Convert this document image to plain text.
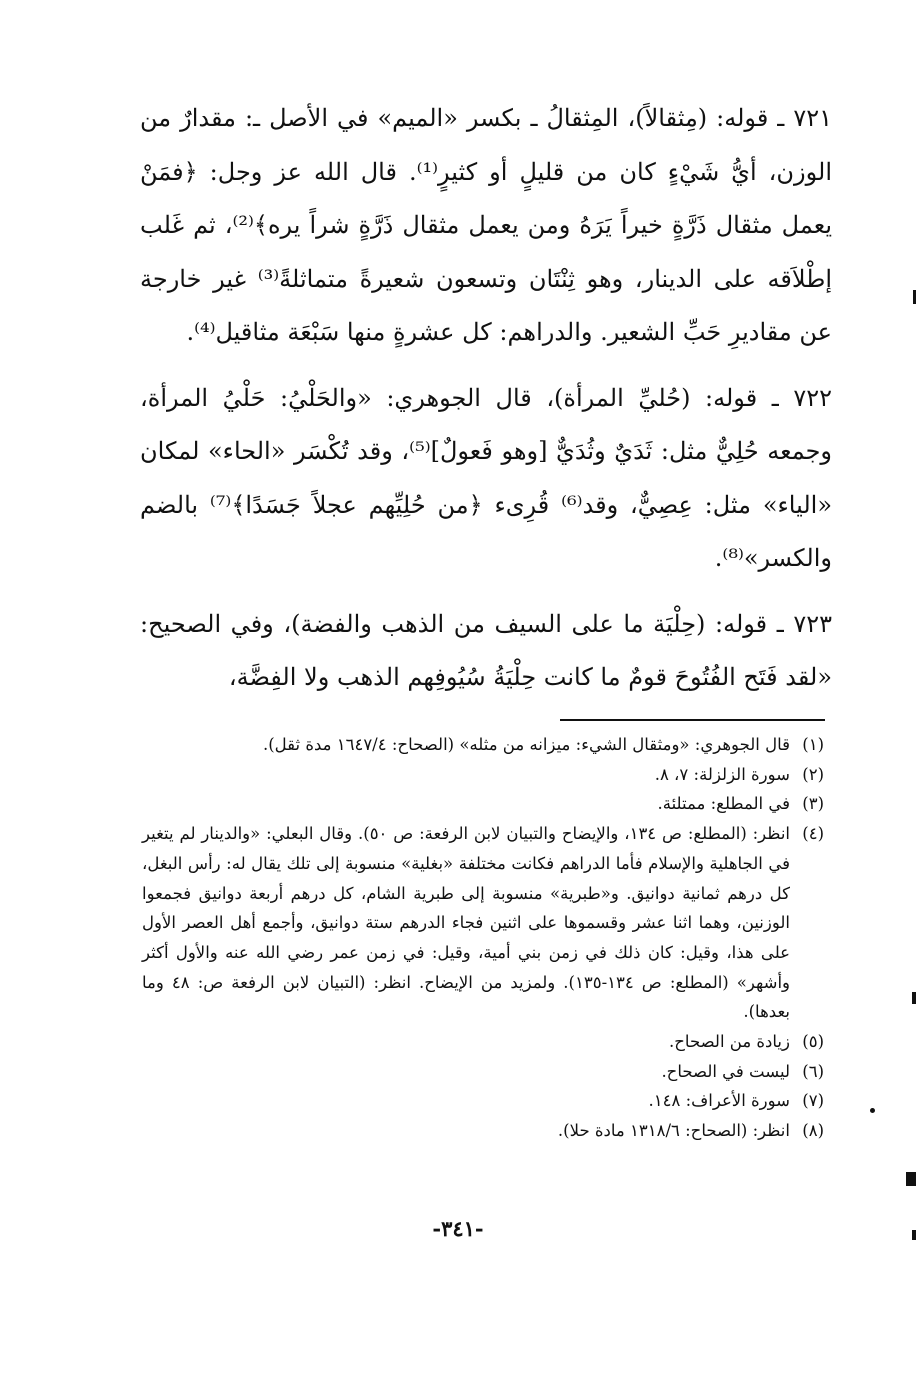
٧٢١ ـ قوله: (مِثقالاً)، المِثقالُ ـ بكسر «الميم» في الأصل ـ: مقدارٌ من الوزن، أيُّ شَيْءٍ كان من قليلٍ أو كثيرٍ⁽¹⁾. قال الله عز وجل: ﴿فمَنْ يعمل مثقال ذَرَّةٍ خيراً يَرَهُ ومن يعمل مثقال ذَرَّةٍ شراً يره﴾⁽²⁾، ثم غَلب إطْلاَقه على الدينار، وهو ثِنْتَان وتسعون شعيرةً متماثلةً⁽³⁾ غير خارجة عن مقاديرِ حَبِّ الشعير. والدراهم: كل عشرةٍ منها سَبْعَة مثاقيل⁽⁴⁾.

٧٢٢ ـ قوله: (حُليِّ المرأة)، قال الجوهري: «والحَلْيُ: حَلْيُ المرأة، وجمعه حُلِيٌّ مثل: ثَدَيٌ وثُدَيٌّ [وهو فَعولٌ]⁽⁵⁾، وقد تُكْسَر «الحاء» لمكان «الياء» مثل: عِصِيٌّ، وقد⁽⁶⁾ قُرِىء ﴿من حُلِيِّهم عجلاً جَسَدًا﴾⁽⁷⁾ بالضم والكسر»⁽⁸⁾.

٧٢٣ ـ قوله: (حِلْيَة ما على السيف من الذهب والفضة)، وفي الصحيح: «لقد فَتَح الفُتُوحَ قومٌ ما كانت حِلْيَةُ سُيُوفِهم الذهب ولا الفِضَّة،

(١)
قال الجوهري: «ومثقال الشيء: ميزانه من مثله» (الصحاح: ١٦٤٧/٤ مدة ثقل).
(٢)
سورة الزلزلة: ٧، ٨.
(٣)
في المطلع: ممتلئة.
(٤)
انظر: (المطلع: ص ١٣٤، والإيضاح والتبيان لابن الرفعة: ص ٥٠). وقال البعلي: «والدينار لم يتغير في الجاهلية والإسلام فأما الدراهم فكانت مختلفة «بغلية» منسوبة إلى تلك يقال له: رأس البغل، كل درهم ثمانية دوانيق. و«طبرية» منسوبة إلى طبرية الشام، كل درهم أربعة دوانيق فجمعوا الوزنين، وهما اثنا عشر وقسموها على اثنين فجاء الدرهم ستة دوانيق، وأجمع أهل العصر الأول على هذا، وقيل: كان ذلك في زمن بني أمية، وقيل: في زمن عمر رضي الله عنه والأول أكثر وأشهر» (المطلع: ص ١٣٤-١٣٥). ولمزيد من الإيضاح. انظر: (التبيان لابن الرفعة ص: ٤٨ وما بعدها).
(٥)
زيادة من الصحاح.
(٦)
ليست في الصحاح.
(٧)
سورة الأعراف: ١٤٨.
(٨)
انظر: (الصحاح: ١٣١٨/٦ مادة حلا).
-٣٤١-
